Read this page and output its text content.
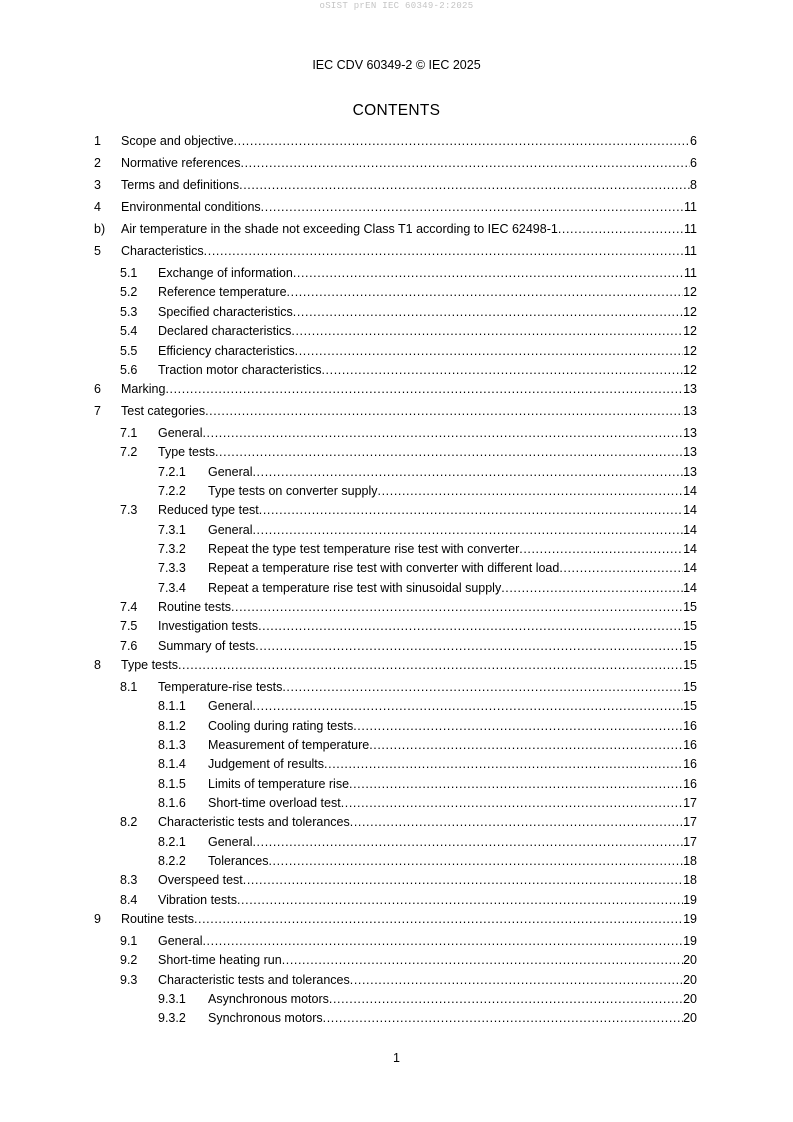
oSIST prEN IEC 60349-2:2025
IEC CDV 60349-2 © IEC 2025
CONTENTS
1 Scope and objective .....	6
2 Normative references .....	6
3 Terms and definitions .....	8
4 Environmental conditions .....	11
b) Air temperature in the shade not exceeding Class T1 according to IEC 62498-1 .....	11
5 Characteristics .....	11
5.1 Exchange of information .....	11
5.2 Reference temperature .....	12
5.3 Specified characteristics .....	12
5.4 Declared characteristics .....	12
5.5 Efficiency characteristics .....	12
5.6 Traction motor characteristics .....	12
6 Marking .....	13
7 Test categories .....	13
7.1 General .....	13
7.2 Type tests .....	13
7.2.1 General .....	13
7.2.2 Type tests on converter supply .....	14
7.3 Reduced type test .....	14
7.3.1 General .....	14
7.3.2 Repeat the type test temperature rise test with converter .....	14
7.3.3 Repeat a temperature rise test with converter with different load .....	14
7.3.4 Repeat a temperature rise test with sinusoidal supply .....	14
7.4 Routine tests .....	15
7.5 Investigation tests .....	15
7.6 Summary of tests .....	15
8 Type tests .....	15
8.1 Temperature-rise tests .....	15
8.1.1 General .....	15
8.1.2 Cooling during rating tests .....	16
8.1.3 Measurement of temperature .....	16
8.1.4 Judgement of results .....	16
8.1.5 Limits of temperature rise .....	16
8.1.6 Short-time overload test .....	17
8.2 Characteristic tests and tolerances .....	17
8.2.1 General .....	17
8.2.2 Tolerances .....	18
8.3 Overspeed test .....	18
8.4 Vibration tests .....	19
9 Routine tests .....	19
9.1 General .....	19
9.2 Short-time heating run .....	20
9.3 Characteristic tests and tolerances .....	20
9.3.1 Asynchronous motors .....	20
9.3.2 Synchronous motors .....	20
1
